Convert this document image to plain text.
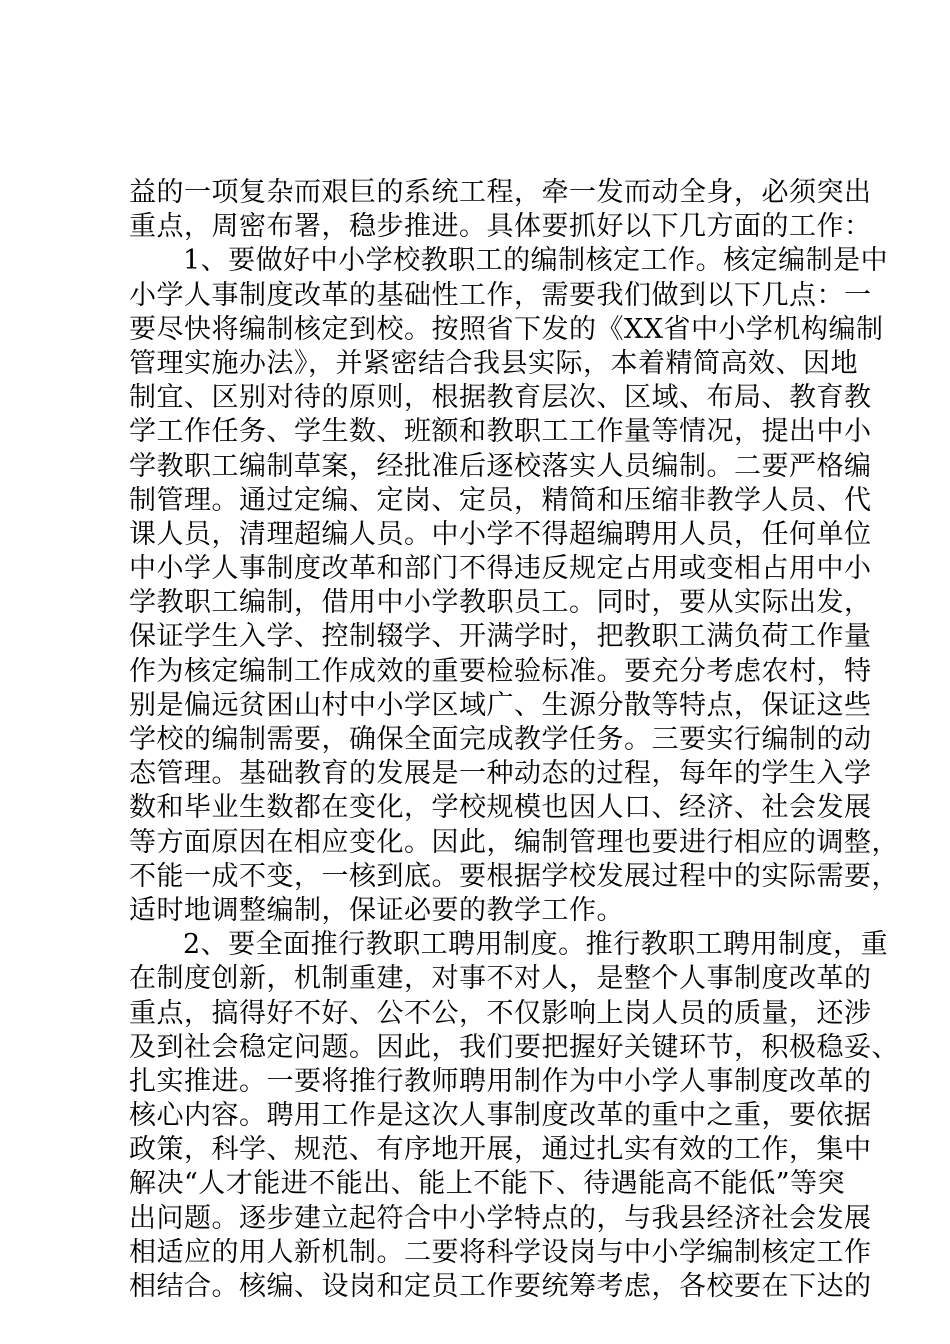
益的一项复杂而艰巨的系统工程，牵一发而动全身，必须突出
重点，周密布署，稳步推进。具体要抓好以下几方面的工作：
1、要做好中小学校教职工的编制核定工作。核定编制是中
小学人事制度改革的基础性工作，需要我们做到以下几点：一
要尽快将编制核定到校。按照省下发的《XX省中小学机构编制
管理实施办法》，并紧密结合我县实际，本着精简高效、因地
制宜、区别对待的原则，根据教育层次、区域、布局、教育教
学工作任务、学生数、班额和教职工工作量等情况，提出中小
学教职工编制草案，经批准后逐校落实人员编制。二要严格编
制管理。通过定编、定岗、定员，精简和压缩非教学人员、代
课人员，清理超编人员。中小学不得超编聘用人员，任何单位
中小学人事制度改革和部门不得违反规定占用或变相占用中小
学教职工编制，借用中小学教职员工。同时，要从实际出发，
保证学生入学、控制辍学、开满学时，把教职工满负荷工作量
作为核定编制工作成效的重要检验标准。要充分考虑农村，特
别是偏远贫困山村中小学区域广、生源分散等特点，保证这些
学校的编制需要，确保全面完成教学任务。三要实行编制的动
态管理。基础教育的发展是一种动态的过程，每年的学生入学
数和毕业生数都在变化，学校规模也因人口、经济、社会发展
等方面原因在相应变化。因此，编制管理也要进行相应的调整，
不能一成不变，一核到底。要根据学校发展过程中的实际需要，
适时地调整编制，保证必要的教学工作。
2、要全面推行教职工聘用制度。推行教职工聘用制度，重
在制度创新，机制重建，对事不对人，是整个人事制度改革的
重点，搞得好不好、公不公，不仅影响上岗人员的质量，还涉
及到社会稳定问题。因此，我们要把握好关键环节，积极稳妥、
扎实推进。一要将推行教师聘用制作为中小学人事制度改革的
核心内容。聘用工作是这次人事制度改革的重中之重，要依据
政策，科学、规范、有序地开展，通过扎实有效的工作，集中
解决“人才能进不能出、能上不能下、待遇能高不能低”等突
出问题。逐步建立起符合中小学特点的，与我县经济社会发展
相适应的用人新机制。二要将科学设岗与中小学编制核定工作
相结合。核编、设岗和定员工作要统筹考虑，各校要在下达的
